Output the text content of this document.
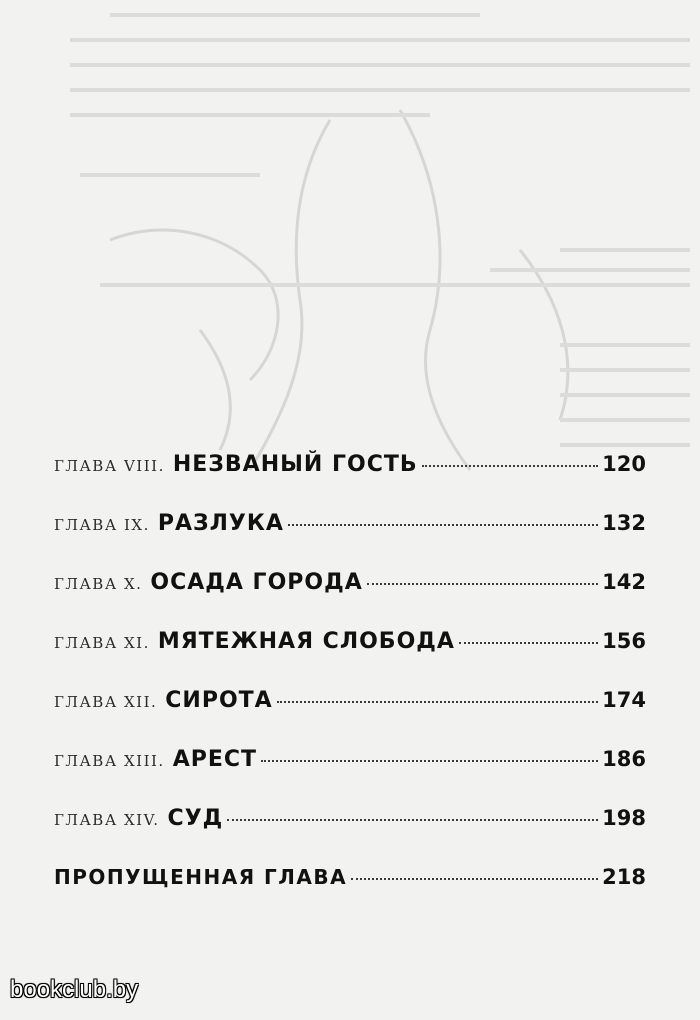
ГЛАВА VIII. НЕЗВАНЫЙ ГОСТЬ	120
ГЛАВА IX. РАЗЛУКА	132
ГЛАВА X. ОСАДА ГОРОДА	142
ГЛАВА XI. МЯТЕЖНАЯ СЛОБОДА	156
ГЛАВА XII. СИРОТА	174
ГЛАВА XIII. АРЕСТ	186
ГЛАВА XIV. СУД	198
ПРОПУЩЕННАЯ ГЛАВА	218
bookclub.by
